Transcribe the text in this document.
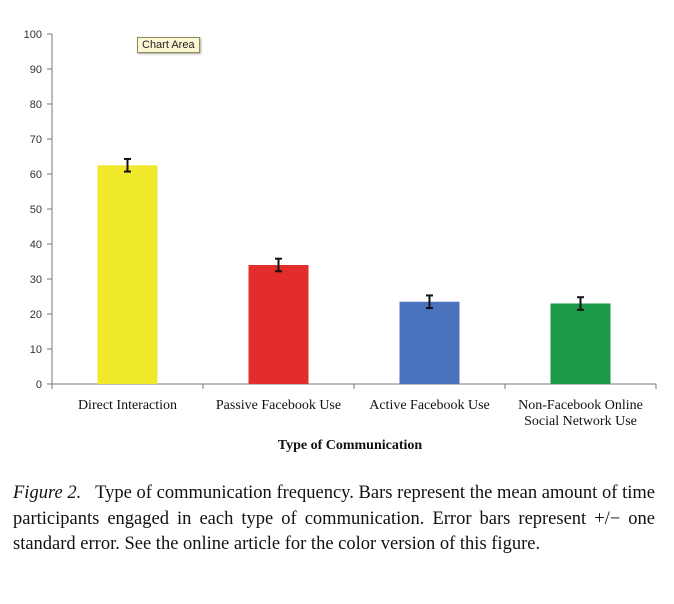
0
10
20
30
40
50
60
70
80
90
100
Direct Interaction	Passive Facebook Use Active Facebook Use Non-Facebook Online
Social Network Use
Type of Communication
Chart Area
Figure 2. Type of communication frequency. Bars represent the mean amount of time participants engaged in each type of communication. Error bars represent +/− one standard error. See the online article for the color version of this figure.
